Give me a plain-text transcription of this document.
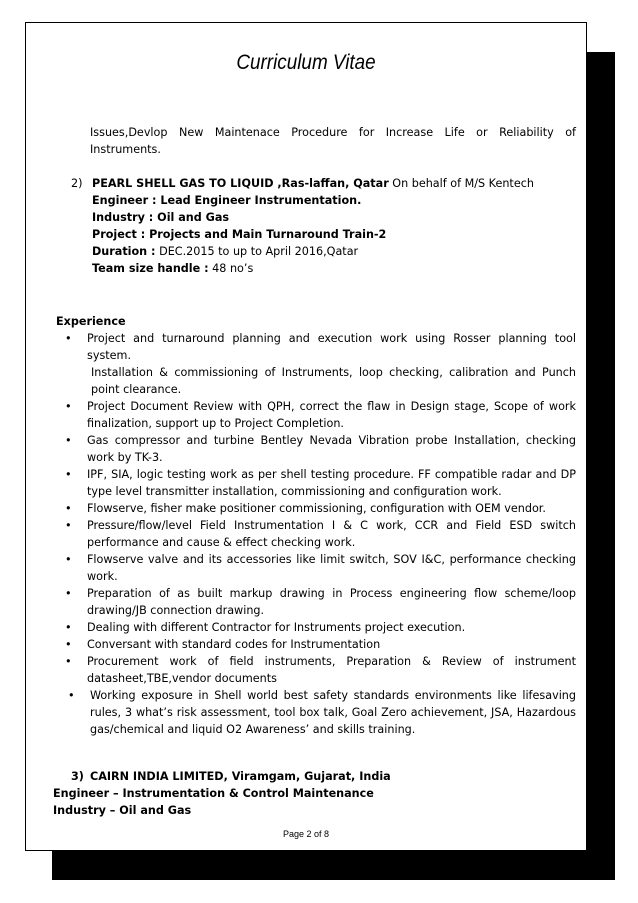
Curriculum Vitae
Issues,Devlop New Maintenace Procedure for Increase Life or Reliability of Instruments.
2) PEARL SHELL GAS TO LIQUID ,Ras-laffan, Qatar On behalf of M/S Kentech
Engineer : Lead Engineer Instrumentation.
Industry : Oil and Gas
Project : Projects and Main Turnaround Train-2
Duration : DEC.2015 to up to April 2016,Qatar
Team size handle : 48 no’s
Experience
• Project and turnaround planning and execution work using Rosser planning tool system.
Installation & commissioning of Instruments, loop checking, calibration and Punch point clearance.
• Project Document Review with QPH, correct the flaw in Design stage, Scope of work finalization, support up to Project Completion.
• Gas compressor and turbine Bentley Nevada Vibration probe Installation, checking work by TK-3.
• IPF, SIA, logic testing work as per shell testing procedure. FF compatible radar and DP type level transmitter installation, commissioning and configuration work.
• Flowserve, fisher make positioner commissioning, configuration with OEM vendor.
• Pressure/flow/level Field Instrumentation I & C work, CCR and Field ESD switch performance and cause & effect checking work.
• Flowserve valve and its accessories like limit switch, SOV I&C, performance checking work.
• Preparation of as built markup drawing in Process engineering flow scheme/loop drawing/JB connection drawing.
• Dealing with different Contractor for Instruments project execution.
• Conversant with standard codes for Instrumentation
• Procurement work of field instruments, Preparation & Review of instrument datasheet,TBE,vendor documents
• Working exposure in Shell world best safety standards environments like lifesaving rules, 3 what’s risk assessment, tool box talk, Goal Zero achievement, JSA, Hazardous gas/chemical and liquid O2 Awareness’ and skills training.
3) CAIRN INDIA LIMITED, Viramgam, Gujarat, India
Engineer – Instrumentation & Control Maintenance
Industry – Oil and Gas
Page 2 of 8
